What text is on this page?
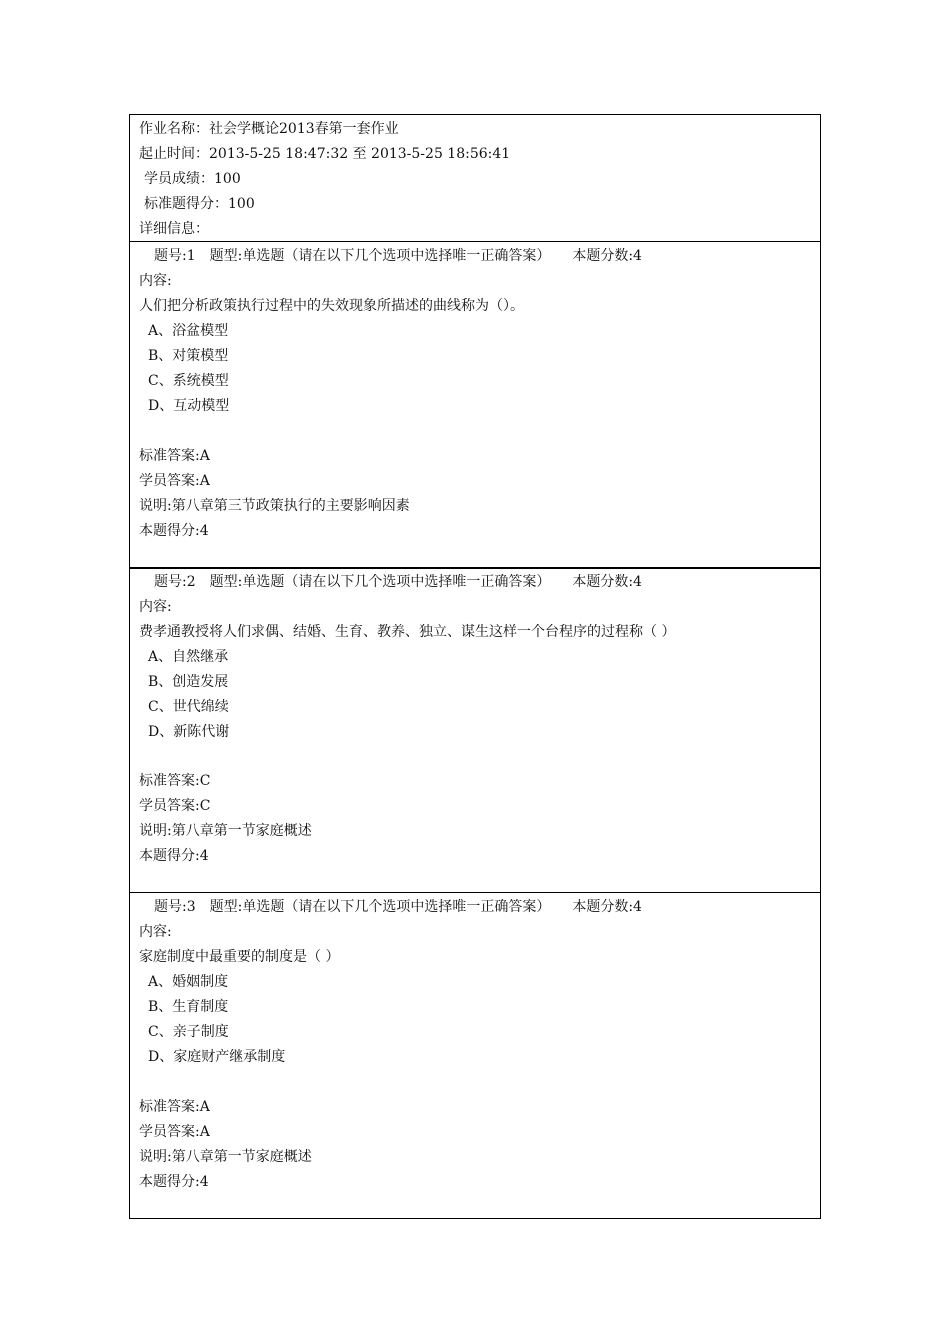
作业名称：社会学概论2013春第一套作业
起止时间：2013-5-25 18:47:32 至 2013-5-25 18:56:41
学员成绩：100
标准题得分：100
详细信息：
题号:1 题型:单选题（请在以下几个选项中选择唯一正确答案） 本题分数:4
内容:
人们把分析政策执行过程中的失效现象所描述的曲线称为（）。
A、浴盆模型
B、对策模型
C、系统模型
D、互动模型
标准答案:A
学员答案:A
说明:第八章第三节政策执行的主要影响因素
本题得分:4
题号:2 题型:单选题（请在以下几个选项中选择唯一正确答案） 本题分数:4
内容:
费孝通教授将人们求偶、结婚、生育、教养、独立、谋生这样一个台程序的过程称（ ）
A、自然继承
B、创造发展
C、世代绵续
D、新陈代谢
标准答案:C
学员答案:C
说明:第八章第一节家庭概述
本题得分:4
题号:3 题型:单选题（请在以下几个选项中选择唯一正确答案） 本题分数:4
内容:
家庭制度中最重要的制度是（ ）
A、婚姻制度
B、生育制度
C、亲子制度
D、家庭财产继承制度
标准答案:A
学员答案:A
说明:第八章第一节家庭概述
本题得分:4
